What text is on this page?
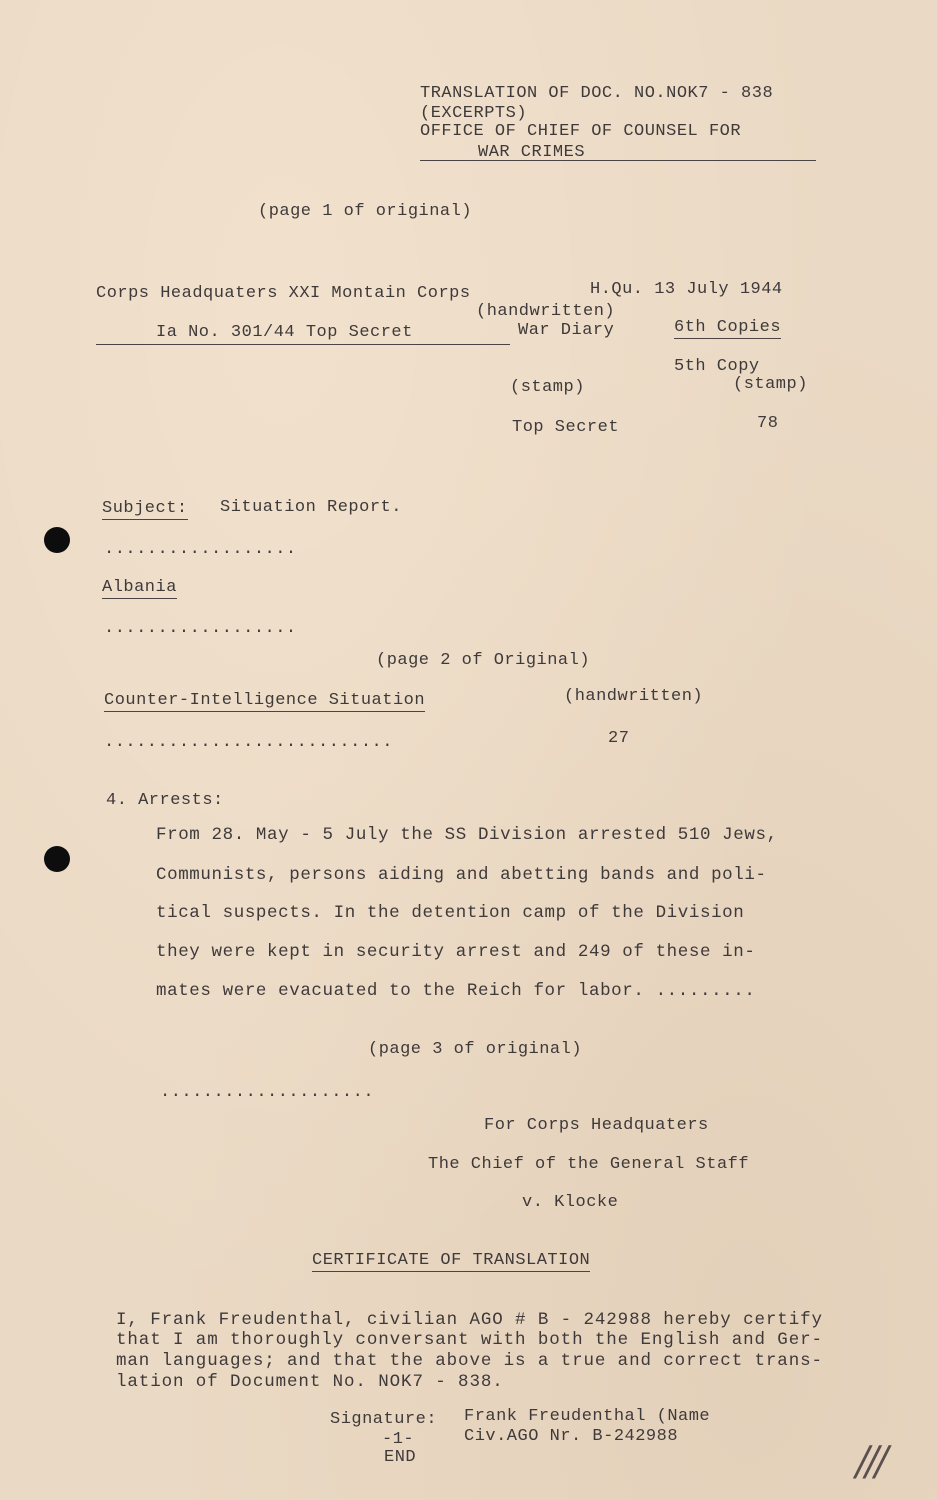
TRANSLATION OF DOC. NO.NOK7 - 838
(EXCERPTS)
OFFICE OF CHIEF OF COUNSEL FOR
WAR CRIMES
(page 1 of original)
Corps Headquaters XXI Montain Corps
(handwritten)
H.Qu. 13 July 1944
Ia No. 301/44 Top Secret	War Diary	6th Copies
5th Copy
(stamp)	(stamp)
Top Secret	78
Subject: Situation Report.
..................
Albania
..................
(page 2 of Original)
Counter-Intelligence Situation	(handwritten)
...........................	27
4. Arrests:
From 28. May - 5 July the SS Division arrested 510 Jews,
Communists, persons aiding and abetting bands and poli-
tical suspects. In the detention camp of the Division
they were kept in security arrest and 249 of these in-
mates were evacuated to the Reich for labor. .........
(page 3 of original)
....................
For Corps Headquaters
The Chief of the General Staff
v. Klocke
CERTIFICATE OF TRANSLATION
I, Frank Freudenthal, civilian AGO # B - 242988 hereby certify
that I am thoroughly conversant with both the English and Ger-
man languages; and that the above is a true and correct trans-
lation of Document No. NOK7 - 838.
Signature: Frank Freudenthal (Name
Civ.AGO Nr. B-242988
-1-
END	///
